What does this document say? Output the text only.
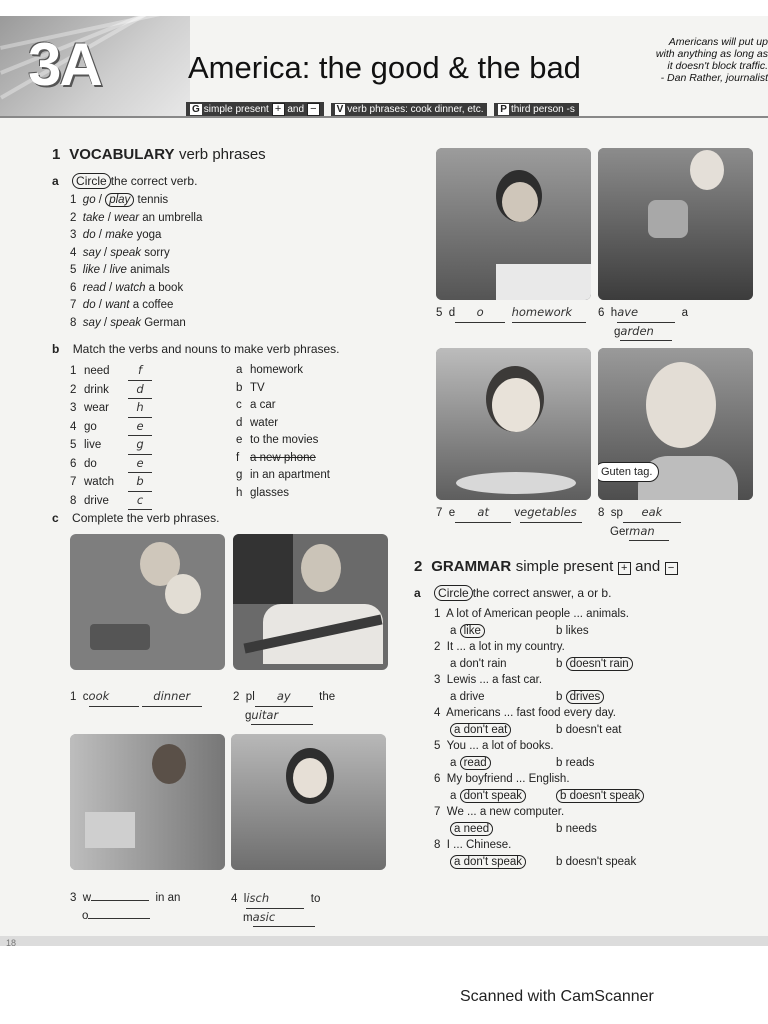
3A	America: the good & the bad
Americans will put up
with anything as long as
it doesn't block traffic.
- Dan Rather, journalist
G simple present + and − V verb phrases: cook dinner, etc. P third person -s
1 VOCABULARY verb phrases
a Circle the correct verb.
1 go / play tennis
2 take / wear an umbrella
3 do / make yoga
4 say / speak sorry
5 like / live animals
6 read / watch a book
7 do / want a coffee
8 say / speak German
b Match the verbs and nouns to make verb phrases.
1 need f
2 drink d
3 wear h
4 go	e
5 live	g
6 do	e
7 watch b
8 drive c
a homework
b TV
c a car
d water
e to the movies
f a new phone
g in an apartment
h glasses
c Complete the verb phrases.
1 cook	dinner	2 pl ay the
guitar
3 w	in an
o
4 lisch	to
masic
5 d o homework	6 have	a
garden
Guten tag.
7 e at vegetables	8 sp eak
German
2 GRAMMAR simple present + and −
a Circle the correct answer, a or b.
1 A lot of American people ... animals.
a like	b likes
2 It ... a lot in my country.
a don't rain	b doesn't rain
3 Lewis ... a fast car.
a drive	b drives
4 Americans ... fast food every day.
a don't eat	b doesn't eat
5 You ... a lot of books.
a read	b reads
6 My boyfriend ... English.
a don't speak	b doesn't speak
7 We ... a new computer.
a need	b needs
8 I ... Chinese.
a don't speak	b doesn't speak
18
Scanned with CamScanner
